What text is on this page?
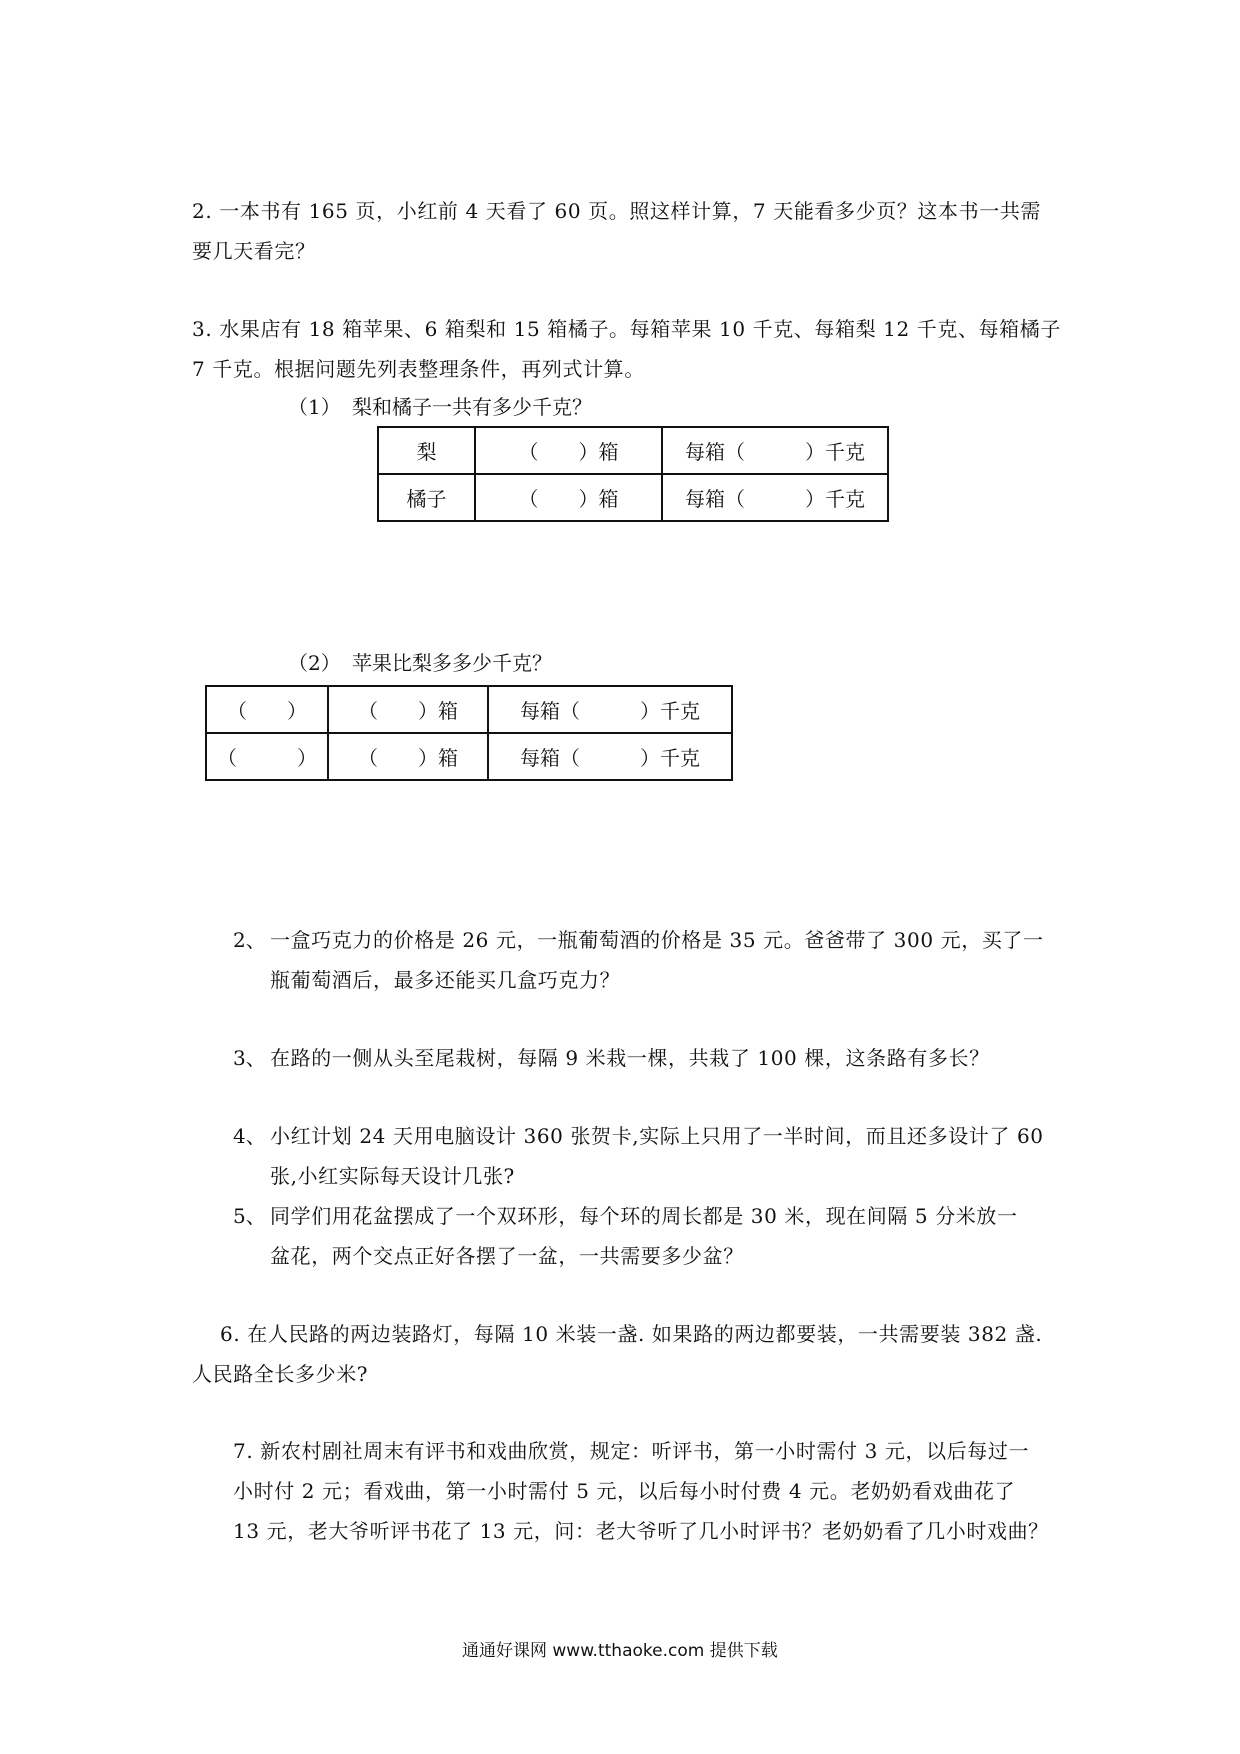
2. 一本书有 165 页，小红前 4 天看了 60 页。照这样计算，7 天能看多少页？这本书一共需
要几天看完？
3. 水果店有 18 箱苹果、6 箱梨和 15 箱橘子。每箱苹果 10 千克、每箱梨 12 千克、每箱橘子
7 千克。根据问题先列表整理条件，再列式计算。
（1） 梨和橘子一共有多少千克？
梨	（　　）箱	每箱（　　　）千克
橘子	（　　）箱	每箱（　　　）千克
（2） 苹果比梨多多少千克？
（　　）	（　　）箱	每箱（　　　）千克
（　　　）	（　　）箱	每箱（　　　）千克
2、 一盒巧克力的价格是 26 元，一瓶葡萄酒的价格是 35 元。爸爸带了 300 元，买了一
瓶葡萄酒后，最多还能买几盒巧克力？
3、 在路的一侧从头至尾栽树，每隔 9 米栽一棵，共栽了 100 棵，这条路有多长？
4、 小红计划 24 天用电脑设计 360 张贺卡,实际上只用了一半时间，而且还多设计了 60
张,小红实际每天设计几张?
5、 同学们用花盆摆成了一个双环形，每个环的周长都是 30 米，现在间隔 5 分米放一
盆花，两个交点正好各摆了一盆，一共需要多少盆？
6. 在人民路的两边装路灯，每隔 10 米装一盏. 如果路的两边都要装，一共需要装 382 盏.
人民路全长多少米?
7. 新农村剧社周末有评书和戏曲欣赏，规定：听评书，第一小时需付 3 元，以后每过一
小时付 2 元；看戏曲，第一小时需付 5 元，以后每小时付费 4 元。老奶奶看戏曲花了
13 元，老大爷听评书花了 13 元，问：老大爷听了几小时评书？老奶奶看了几小时戏曲？
通通好课网 www.tthaoke.com 提供下载
